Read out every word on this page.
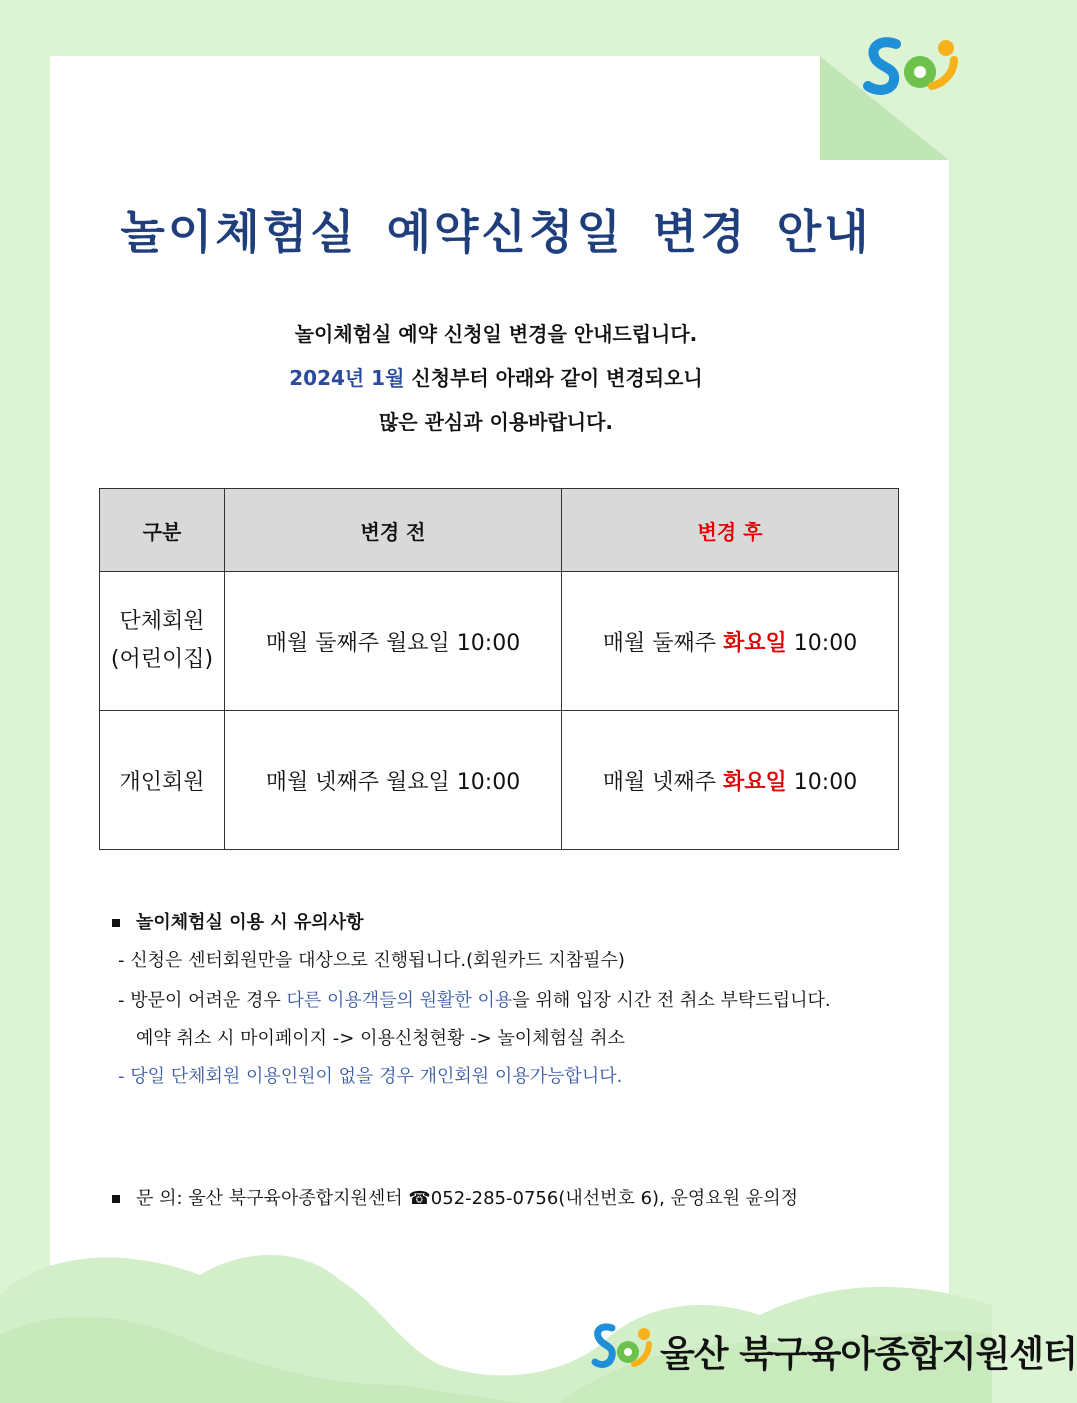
놀이체험실 예약신청일 변경 안내
놀이체험실 예약 신청일 변경을 안내드립니다.
2024년 1월 신청부터 아래와 같이 변경되오니
많은 관심과 이용바랍니다.
구분	변경 전	변경 후

단체회원
(어린이집)	매월 둘째주 월요일 10:00	매월 둘째주 화요일 10:00
개인회원	매월 넷째주 월요일 10:00	매월 넷째주 화요일 10:00
놀이체험실 이용 시 유의사항
- 신청은 센터회원만을 대상으로 진행됩니다.(회원카드 지참필수)
- 방문이 어려운 경우 다른 이용객들의 원활한 이용을 위해 입장 시간 전 취소 부탁드립니다.
예약 취소 시 마이페이지 -> 이용신청현황 -> 놀이체험실 취소
- 당일 단체회원 이용인원이 없을 경우 개인회원 이용가능합니다.
문 의: 울산 북구육아종합지원센터 ☎052-285-0756(내선번호 6), 운영요원 윤의정
울산 북구육아종합지원센터
